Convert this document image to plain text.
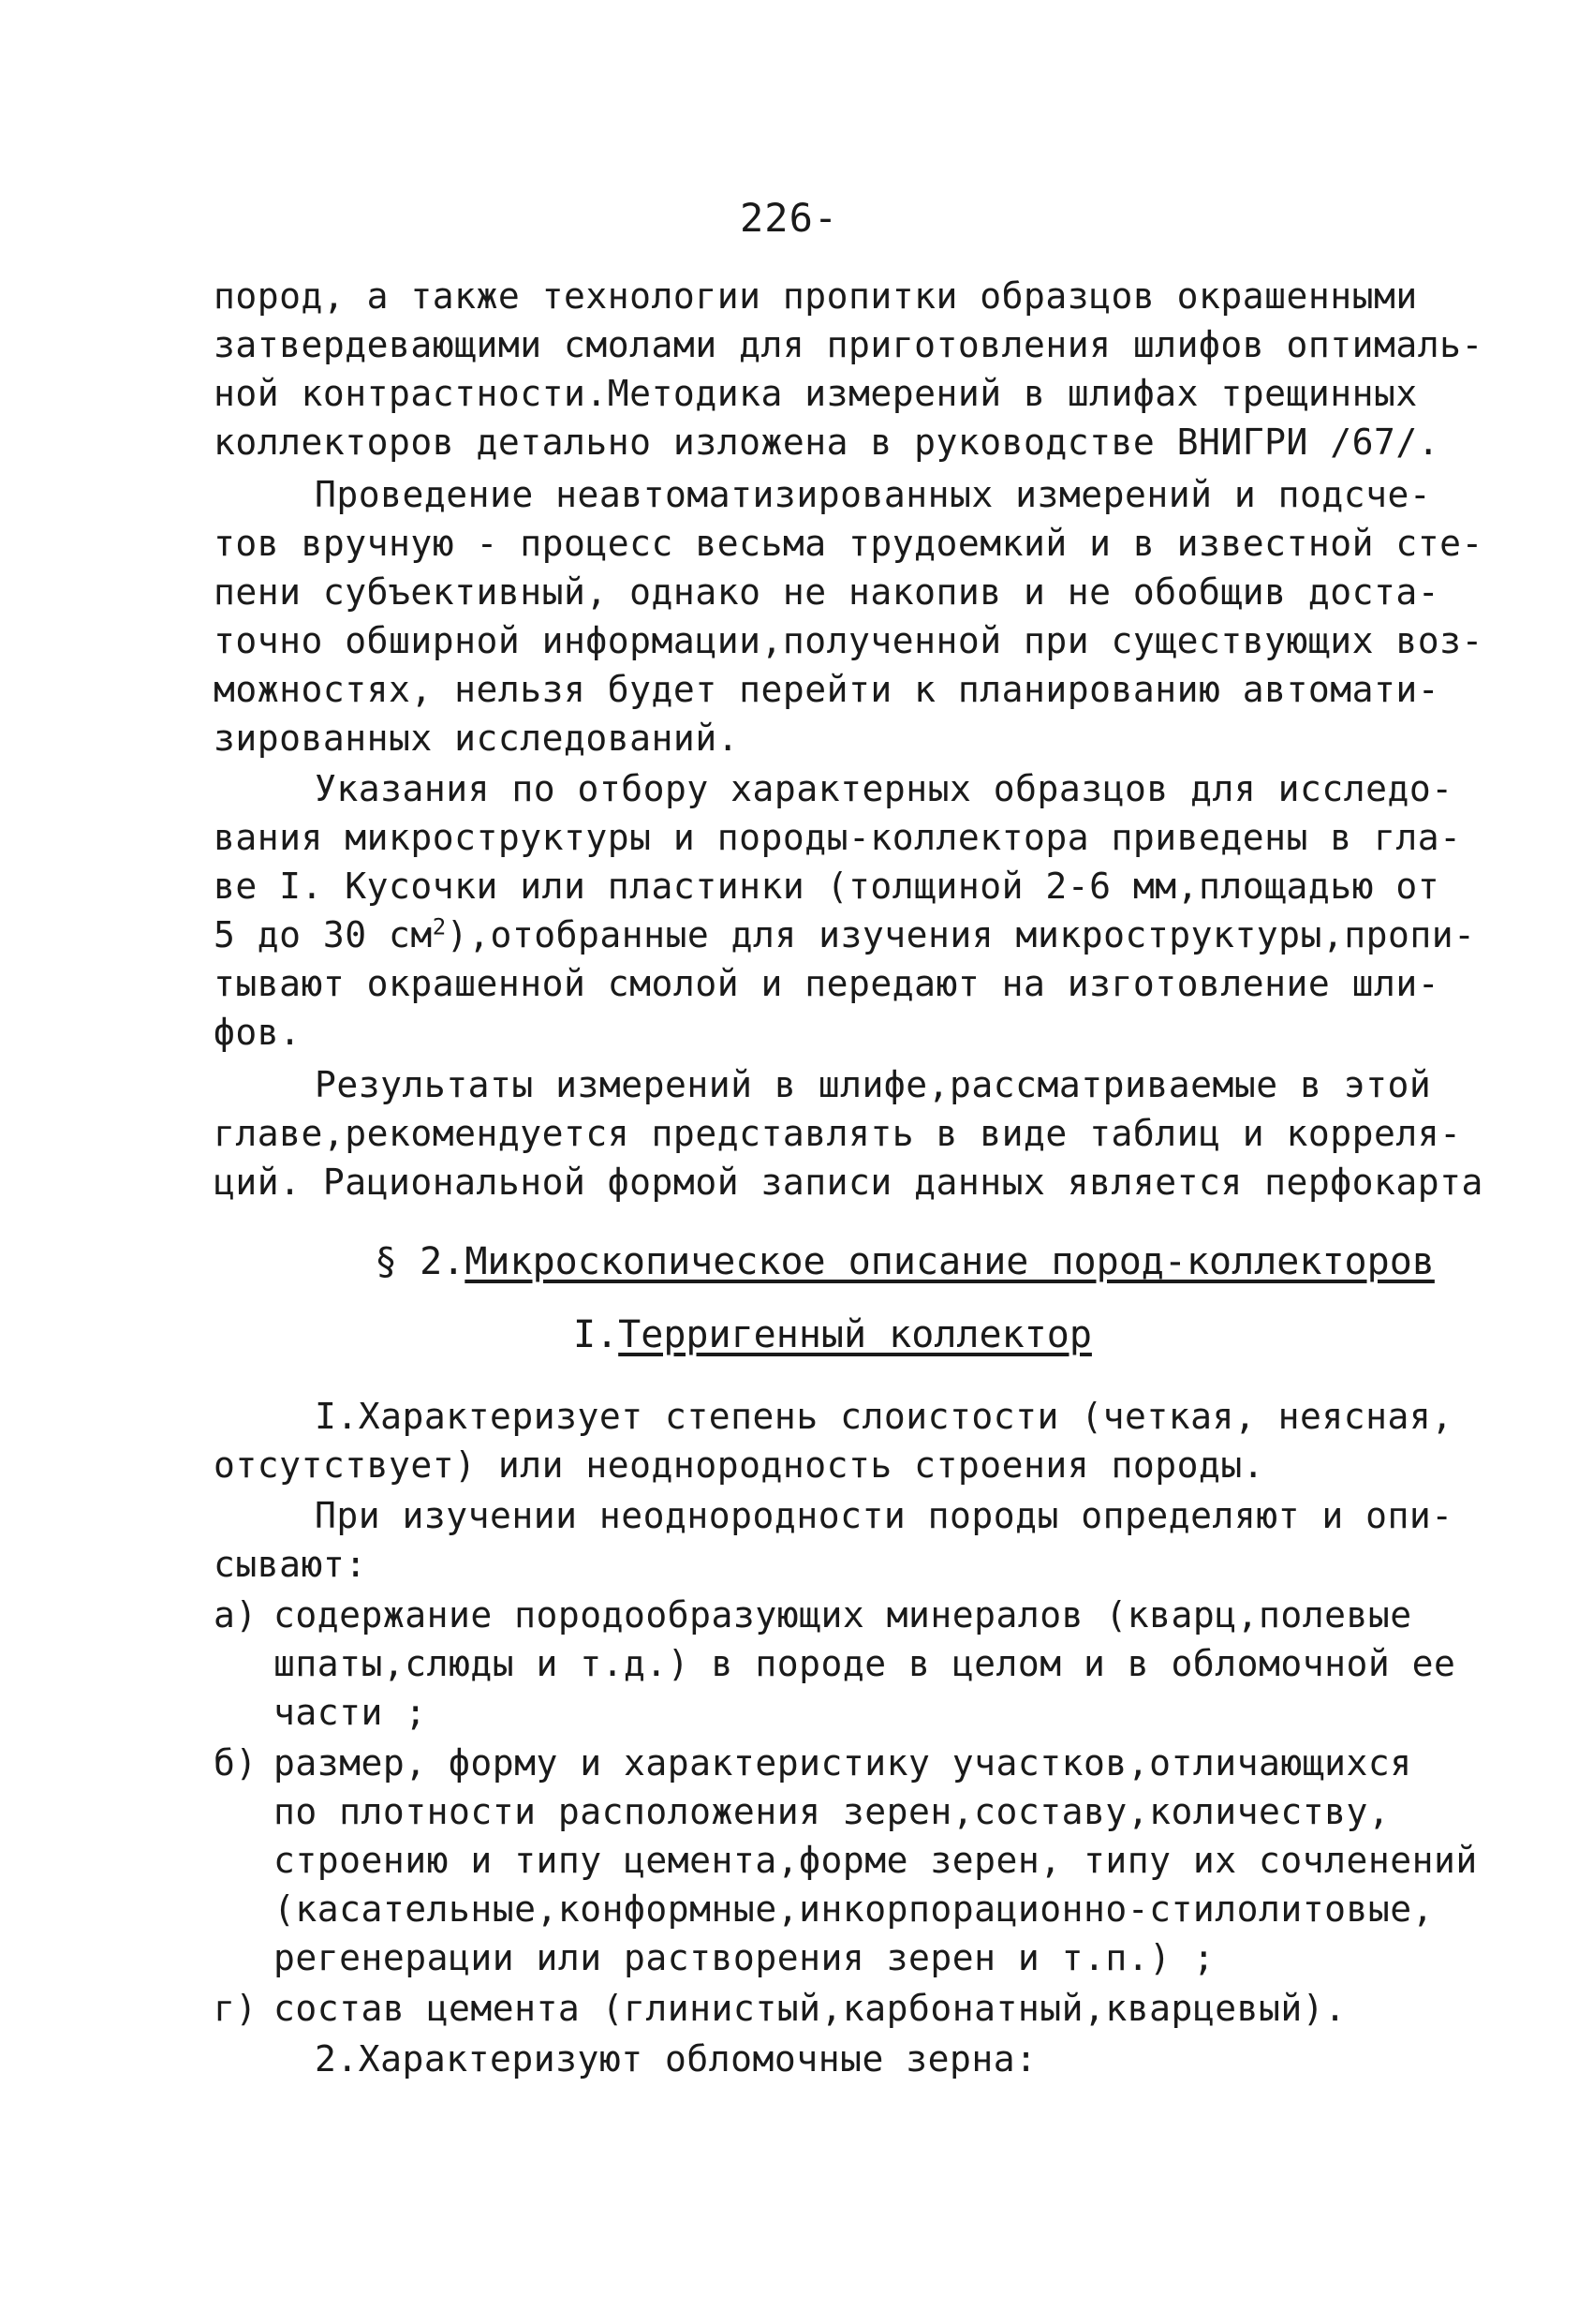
226-
пород, а также технологии пропитки образцов окрашенными
затвердевающими смолами для приготовления шлифов оптималь-
ной контрастности.Методика измерений в шлифах трещинных
коллекторов детально изложена в руководстве ВНИГРИ /67/.
Проведение неавтоматизированных измерений и подсче-
тов вручную - процесс весьма трудоемкий и в известной сте-
пени субъективный, однако не накопив и не обобщив доста-
точно обширной информации,полученной при существующих воз-
можностях, нельзя будет перейти к планированию автомати-
зированных исследований.
Указания по отбору характерных образцов для исследо-
вания микроструктуры и породы-коллектора приведены в гла-
ве I. Кусочки или пластинки (толщиной 2-6 мм,площадью от
5 до 30 $см^2),отобранные$ для изучения микроструктуры,пропи-
тывают окрашенной смолой и передают на изготовление шли-
фов.
Результаты измерений в шлифе,рассматриваемые в этой
главе,рекомендуется представлять в виде таблиц и корреля-
ций. Рациональной формой записи данных является перфокарта
§ 2.Микроскопическое описание пород-коллекторов
I.Терригенный коллектор
I.Характеризует степень слоистости (четкая, неясная,
отсутствует) или неоднородность строения породы.
При изучении неоднородности породы определяют и опи-
сывают:
а) содержание породообразующих минералов (кварц,полевые
шпаты,слюды и т.д.) в породе в целом и в обломочной ее
части ;
б) размер, форму и характеристику участков,отличающихся
по плотности расположения зерен,составу,количеству,
строению и типу цемента,форме зерен, типу их сочленений
(касательные,конформные,инкорпорационно-стилолитовые,
регенерации или растворения зерен и т.п.) ;
г) состав цемента (глинистый,карбонатный,кварцевый).
2.Характеризуют обломочные зерна:
